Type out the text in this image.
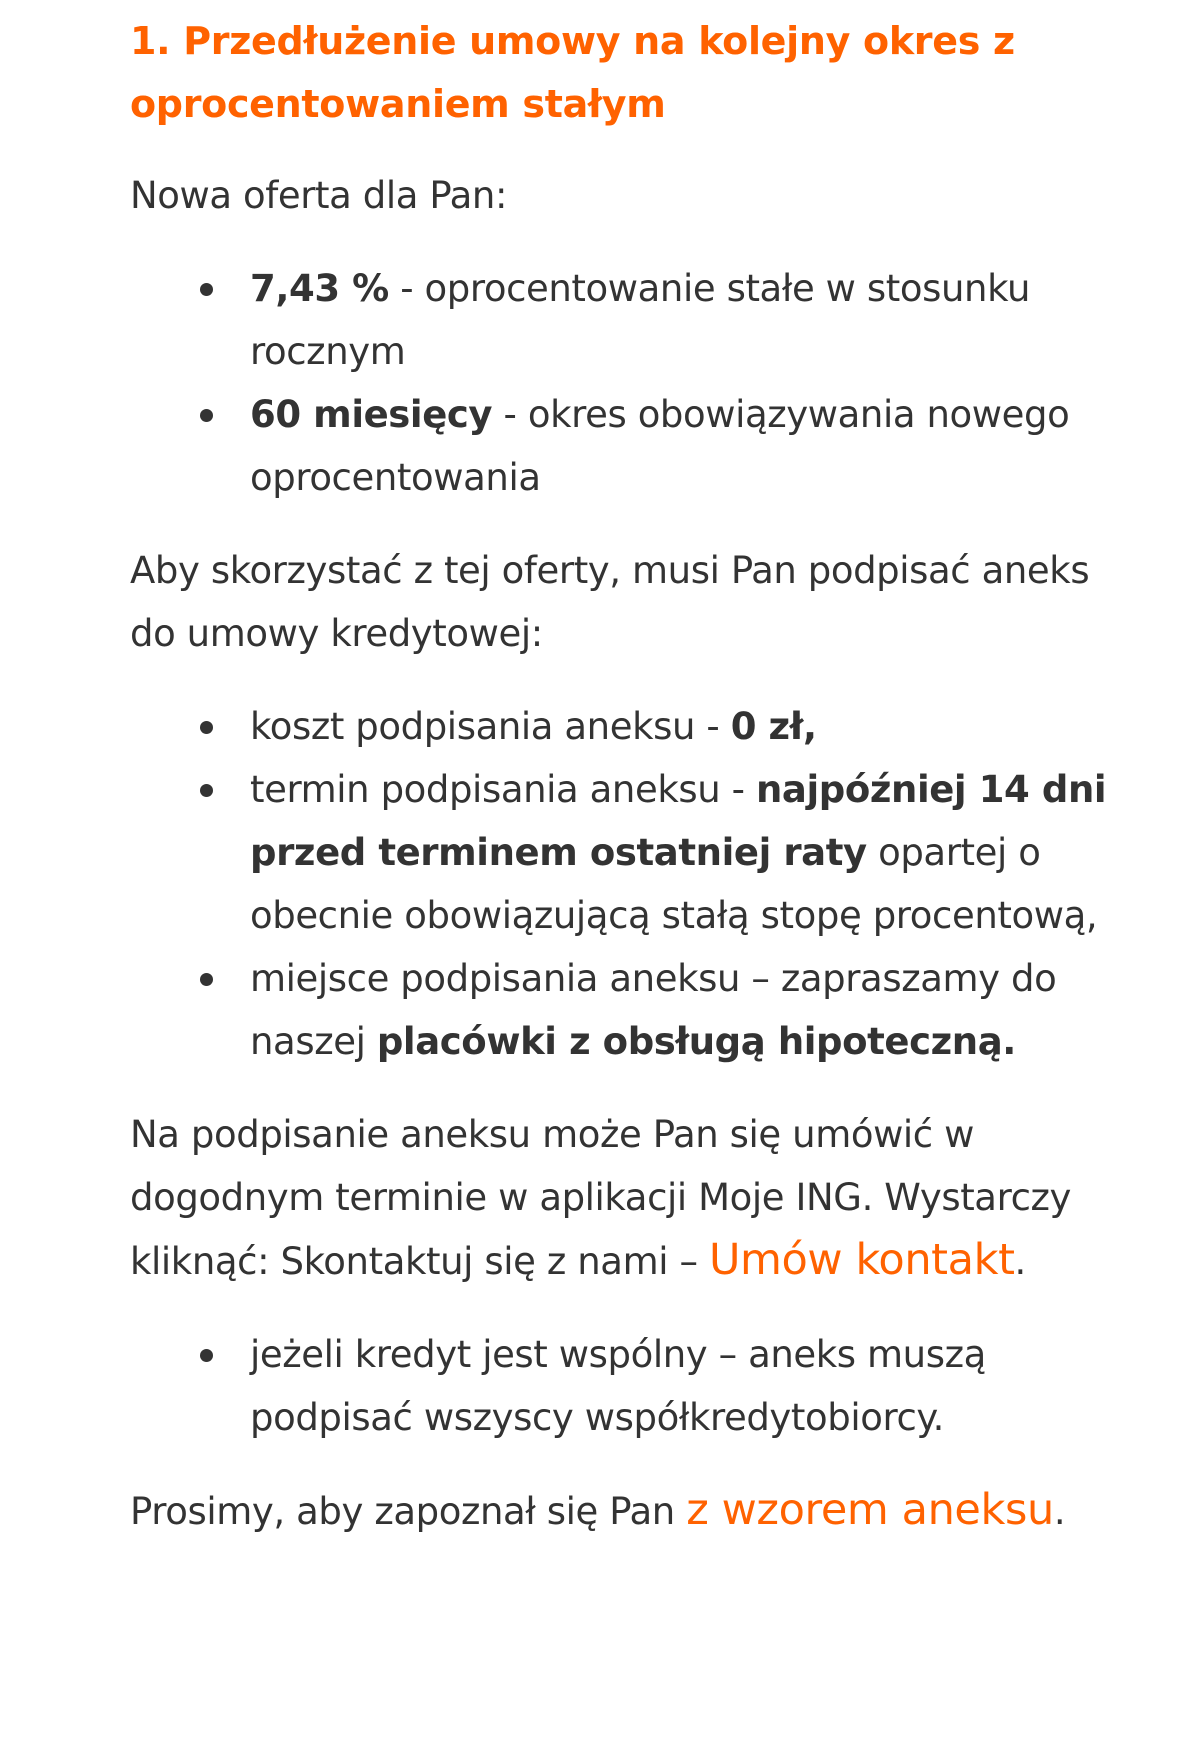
1. Przedłużenie umowy na kolejny okres z oprocentowaniem stałym

Nowa oferta dla Pan:

7,43 % - oprocentowanie stałe w stosunku rocznym
60 miesięcy - okres obowiązywania nowego oprocentowania

Aby skorzystać z tej oferty, musi Pan podpisać aneks do umowy kredytowej:

koszt podpisania aneksu - 0 zł,
termin podpisania aneksu - najpóźniej 14 dni przed terminem ostatniej raty opartej o obecnie obowiązującą stałą stopę procentową,
miejsce podpisania aneksu – zapraszamy do naszej placówki z obsługą hipoteczną.

Na podpisanie aneksu może Pan się umówić w dogodnym terminie w aplikacji Moje ING. Wystarczy kliknąć: Skontaktuj się z nami – Umów kontakt.

jeżeli kredyt jest wspólny – aneks muszą podpisać wszyscy współkredytobiorcy.

Prosimy, aby zapoznał się Pan z wzorem aneksu.
